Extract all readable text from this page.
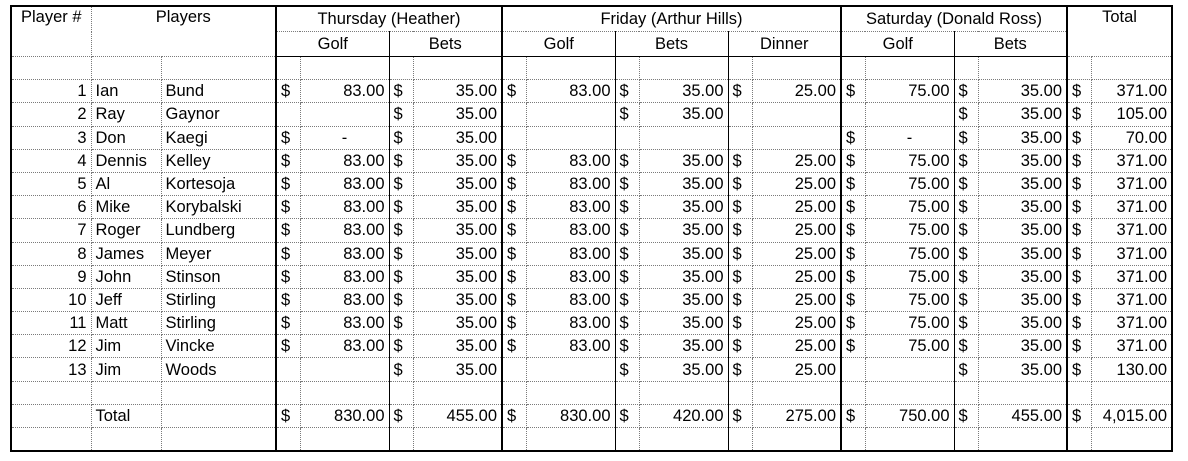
Player #	Players		Thursday (Heather)				Friday (Arthur Hills)						Saturday (Donald Ross)				Total	
			Golf		Bets		Golf		Bets		Dinner		Golf		Bets			

1	Ian	Bund	$	83.00	$	35.00	$	83.00	$	35.00	$	25.00	$	75.00	$	35.00	$	371.00
2	Ray	Gaynor			$	35.00			$	35.00					$	35.00	$	105.00
3	Don	Kaegi	$	-	$	35.00							$	-	$	35.00	$	70.00
4	Dennis	Kelley	$	83.00	$	35.00	$	83.00	$	35.00	$	25.00	$	75.00	$	35.00	$	371.00
5	Al	Kortesoja	$	83.00	$	35.00	$	83.00	$	35.00	$	25.00	$	75.00	$	35.00	$	371.00
6	Mike	Korybalski	$	83.00	$	35.00	$	83.00	$	35.00	$	25.00	$	75.00	$	35.00	$	371.00
7	Roger	Lundberg	$	83.00	$	35.00	$	83.00	$	35.00	$	25.00	$	75.00	$	35.00	$	371.00
8	James	Meyer	$	83.00	$	35.00	$	83.00	$	35.00	$	25.00	$	75.00	$	35.00	$	371.00
9	John	Stinson	$	83.00	$	35.00	$	83.00	$	35.00	$	25.00	$	75.00	$	35.00	$	371.00
10	Jeff	Stirling	$	83.00	$	35.00	$	83.00	$	35.00	$	25.00	$	75.00	$	35.00	$	371.00
11	Matt	Stirling	$	83.00	$	35.00	$	83.00	$	35.00	$	25.00	$	75.00	$	35.00	$	371.00
12	Jim	Vincke	$	83.00	$	35.00	$	83.00	$	35.00	$	25.00	$	75.00	$	35.00	$	371.00
13	Jim	Woods			$	35.00			$	35.00	$	25.00			$	35.00	$	130.00

	Total		$	830.00	$	455.00	$	830.00	$	420.00	$	275.00	$	750.00	$	455.00	$	4,015.00
